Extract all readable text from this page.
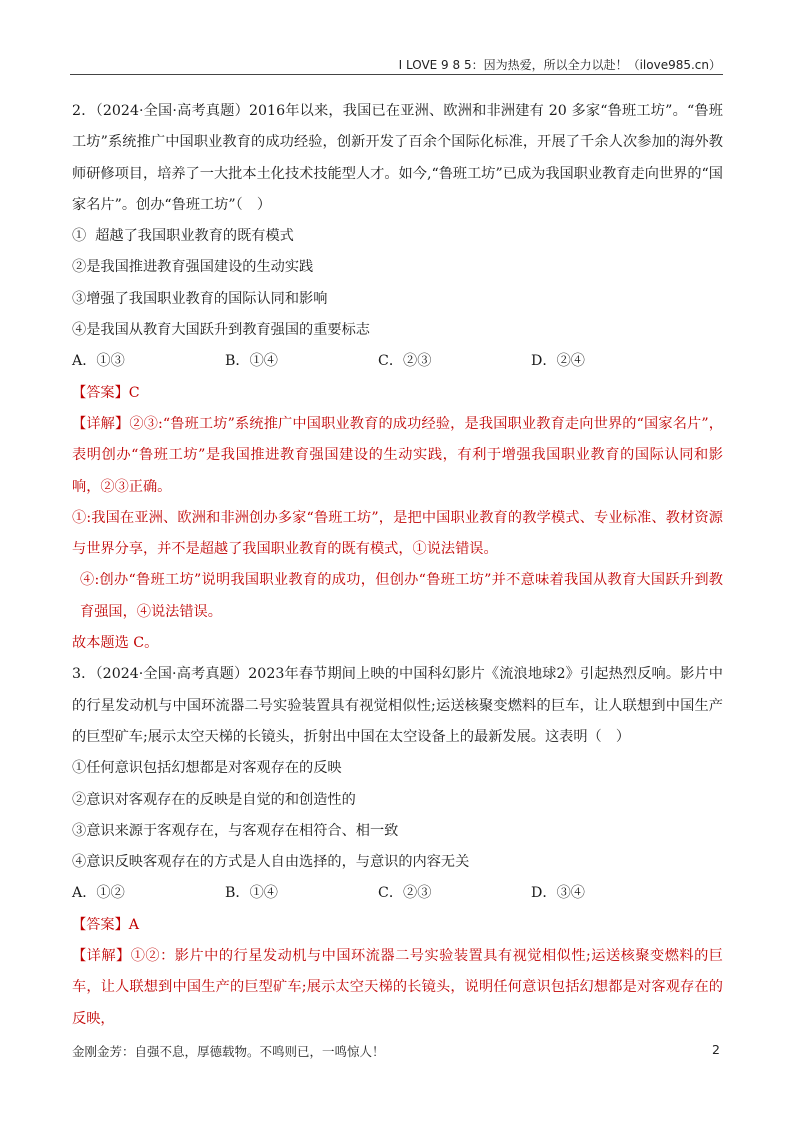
I LOVE 9 8 5：因为热爱，所以全力以赴！（ilove985.cn）

2．（2024·全国·高考真题）2016年以来，我国已在亚洲、欧洲和非洲建有 20 多家“鲁班工坊”。“鲁班工坊”系统推广中国职业教育的成功经验，创新开发了百余个国际化标准，开展了千余人次参加的海外教师研修项目，培养了一大批本土化技术技能型人才。如今,“鲁班工坊”已成为我国职业教育走向世界的“国家名片”。创办“鲁班工坊”（　）

①  超越了我国职业教育的既有模式

②是我国推进教育强国建设的生动实践

③增强了我国职业教育的国际认同和影响

④是我国从教育大国跃升到教育强国的重要标志

A．①③	B．①④	C．②③	D．②④

【答案】C

【详解】②③:“鲁班工坊”系统推广中国职业教育的成功经验，是我国职业教育走向世界的“国家名片”，表明创办“鲁班工坊”是我国推进教育强国建设的生动实践，有利于增强我国职业教育的国际认同和影响，②③正确。

①:我国在亚洲、欧洲和非洲创办多家“鲁班工坊”，是把中国职业教育的教学模式、专业标准、教材资源与世界分享，并不是超越了我国职业教育的既有模式，①说法错误。

④:创办“鲁班工坊”说明我国职业教育的成功，但创办“鲁班工坊”并不意味着我国从教育大国跃升到教育强国，④说法错误。

故本题选 C。

3．（2024·全国·高考真题）2023年春节期间上映的中国科幻影片《流浪地球2》引起热烈反响。影片中的行星发动机与中国环流器二号实验装置具有视觉相似性;运送核聚变燃料的巨车，让人联想到中国生产的巨型矿车;展示太空天梯的长镜头，折射出中国在太空设备上的最新发展。这表明（　）

①任何意识包括幻想都是对客观存在的反映

②意识对客观存在的反映是自觉的和创造性的

③意识来源于客观存在，与客观存在相符合、相一致

④意识反映客观存在的方式是人自由选择的，与意识的内容无关

A．①②	B．①④	C．②③	D．③④

【答案】A

【详解】①②：影片中的行星发动机与中国环流器二号实验装置具有视觉相似性;运送核聚变燃料的巨车，让人联想到中国生产的巨型矿车;展示太空天梯的长镜头，说明任何意识包括幻想都是对客观存在的反映，

金刚金芳：自强不息，厚德载物。不鸣则已，一鸣惊人！	2
